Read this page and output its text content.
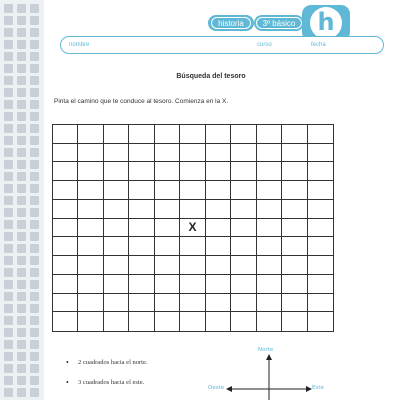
historia	3º básico h
nombre	curso	fecha
Búsqueda del tesoro
Pinta el camino que te conduce al tesoro. Comienza en la X.
X
• 2 cuadrados hacia el norte.
• 3 cuadrados hacia el este.
Norte
Oeste	Este
